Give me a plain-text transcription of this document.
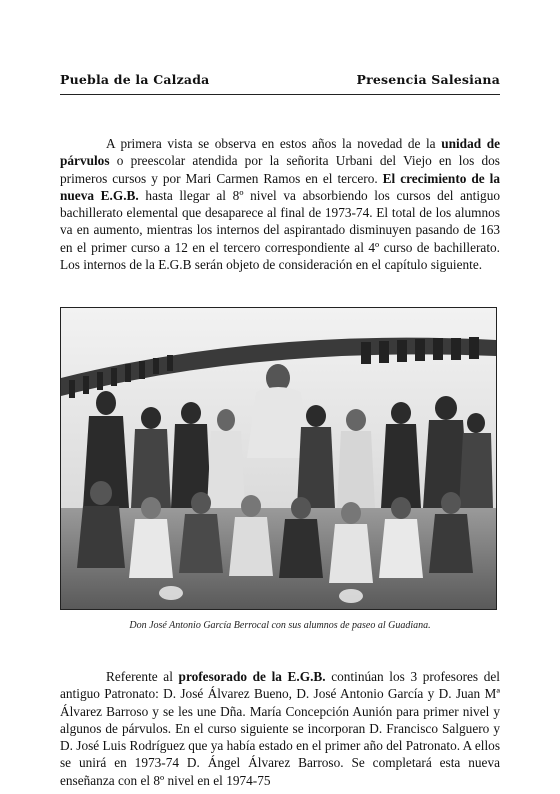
Puebla de la Calzada	Presencia Salesiana

A primera vista se observa en estos años la novedad de la unidad de párvulos o preescolar atendida por la señorita Urbani del Viejo en los dos primeros cursos y por Mari Carmen Ramos en el tercero. El crecimiento de la nueva E.G.B. hasta llegar al 8º nivel va absorbiendo los cursos del antiguo bachillerato elemental que desaparece al final de 1973-74. El total de los alumnos va en aumento, mientras los internos del aspirantado disminuyen pasando de 163 en el primer curso a 12 en el tercero correspondiente al 4º curso de bachillerato. Los internos de la E.G.B serán objeto de consideración en el capítulo siguiente.

Don José Antonio García Berrocal con sus alumnos de paseo al Guadiana.

Referente al profesorado de la E.G.B. continúan los 3 profesores del antiguo Patronato: D. José Álvarez Bueno, D. José Antonio García y D. Juan Mª Álvarez Barroso y se les une Dña. María Concepción Aunión para primer nivel y algunos de párvulos. En el curso siguiente se incorporan D. Francisco Salguero y D. José Luis Rodríguez que ya había estado en el primer año del Patronato. A ellos se unirá en 1973-74 D. Ángel Álvarez Barroso. Se completará esta nueva enseñanza con el 8º nivel en el 1974-75
